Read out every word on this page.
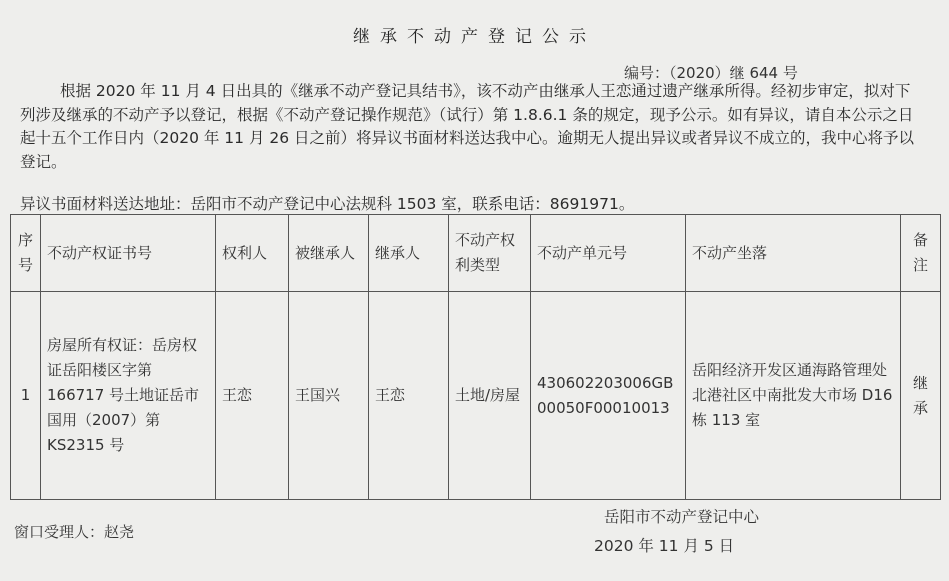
继承不动产登记公示
编号：（2020）继 644 号

根据 2020 年 11 月 4 日出具的《继承不动产登记具结书》，该不动产由继承人王恋通过遗产继承所得。经初步审定，拟对下列涉及继承的不动产予以登记，根据《不动产登记操作规范》（试行）第 1.8.6.1 条的规定，现予公示。如有异议，请自本公示之日起十五个工作日内（2020 年 11 月 26 日之前）将异议书面材料送达我中心。逾期无人提出异议或者异议不成立的，我中心将予以登记。

异议书面材料送达地址：岳阳市不动产登记中心法规科 1503 室，联系电话：8691971。
序号	不动产权证书号	权利人	被继承人	继承人	不动产权利类型	不动产单元号	不动产坐落	备注
1	房屋所有权证：岳房权证岳阳楼区字第 166717 号土地证岳市国用（2007）第 KS2315 号	王恋	王国兴	王恋	土地/房屋	430602203006GB00050F00010013	岳阳经济开发区通海路管理处北港社区中南批发大市场 D16 栋 113 室	继承
岳阳市不动产登记中心
窗口受理人：赵尧
2020 年 11 月 5 日
